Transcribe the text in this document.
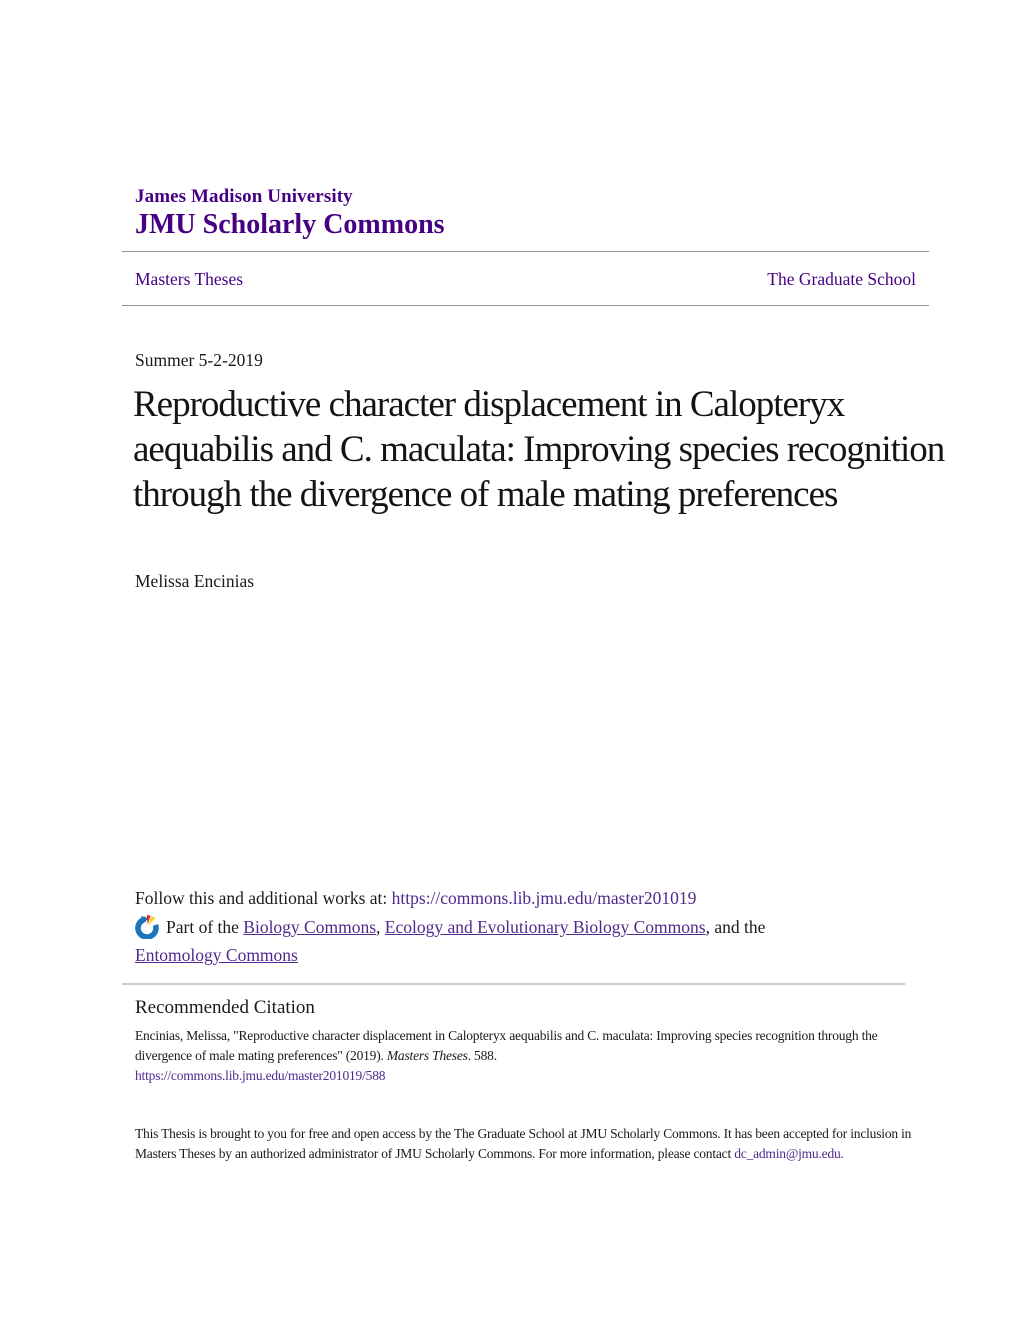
James Madison University
JMU Scholarly Commons
Masters Theses	The Graduate School
Summer 5-2-2019
Reproductive character displacement in Calopteryx aequabilis and C. maculata: Improving species recognition through the divergence of male mating preferences
Melissa Encinias
Follow this and additional works at: https://commons.lib.jmu.edu/master201019
Part of the Biology Commons, Ecology and Evolutionary Biology Commons, and the Entomology Commons
Recommended Citation
Encinias, Melissa, "Reproductive character displacement in Calopteryx aequabilis and C. maculata: Improving species recognition through the divergence of male mating preferences" (2019). Masters Theses. 588.
https://commons.lib.jmu.edu/master201019/588
This Thesis is brought to you for free and open access by the The Graduate School at JMU Scholarly Commons. It has been accepted for inclusion in Masters Theses by an authorized administrator of JMU Scholarly Commons. For more information, please contact dc_admin@jmu.edu.
